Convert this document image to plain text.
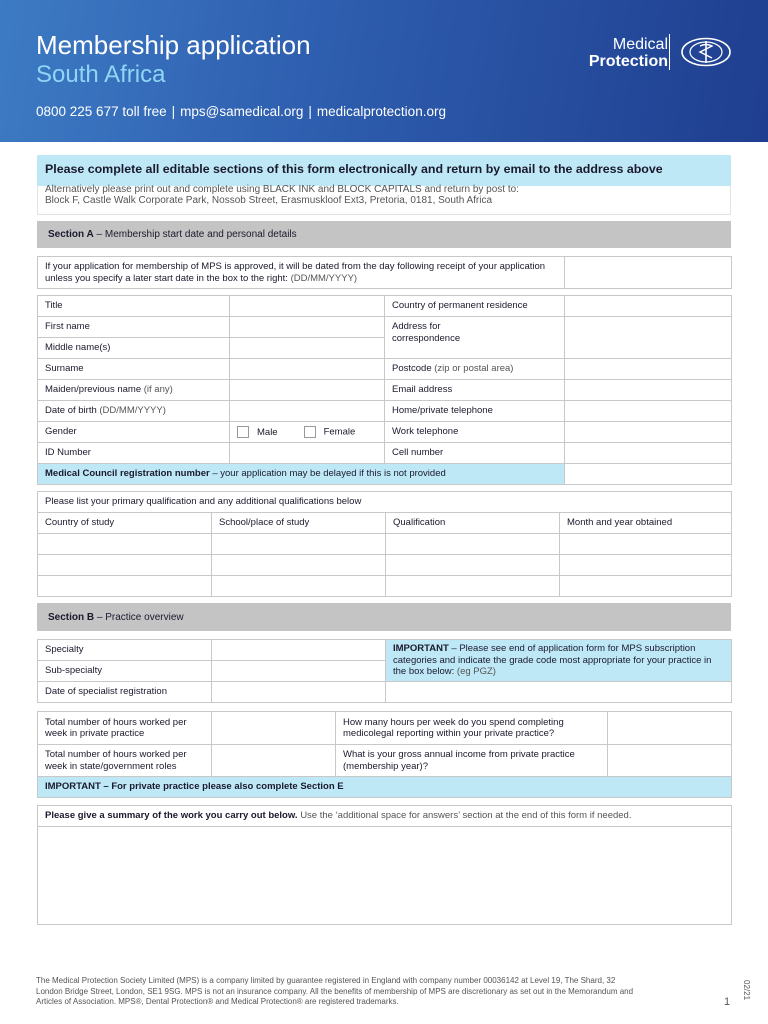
Membership application
South Africa
0800 225 677 toll free | mps@samedical.org | medicalprotection.org
Medical
Protection
Please complete all editable sections of this form electronically and return by email to the address above
Alternatively please print out and complete using BLACK INK and BLOCK CAPITALS and return by post to:
Block F, Castle Walk Corporate Park, Nossob Street, Erasmuskloof Ext3, Pretoria, 0181, South Africa
Section A – Membership start date and personal details
If your application for membership of MPS is approved, it will be dated from the day following receipt of your application unless you specify a later start date in the box to the right: (DD/MM/YYYY)	
Title		Country of permanent residence	
First name		Address for correspondence	

Middle name(s)			
Surname		Postcode (zip or postal area)	
Maiden/previous name (if any)		Email address	
Date of birth (DD/MM/YYYY)		Home/private telephone	
Gender	Male Female	Work telephone	
ID Number		Cell number	
Medical Council registration number – your application may be delayed if this is not provided			
Please list your primary qualification and any additional qualifications below			
Country of study	School/place of study	Qualification	Month and year obtained

Section B – Practice overview
Specialty		IMPORTANT – Please see end of application form for MPS subscription categories and indicate the grade code most appropriate for your practice in the box below: (eg PGZ)
Sub-specialty		
Date of specialist registration		
Total number of hours worked per week in private practice		How many hours per week do you spend completing medicolegal reporting within your private practice?	
Total number of hours worked per week in state/government roles		What is your gross annual income from private practice (membership year)?	
IMPORTANT – For private practice please also complete Section E			
Please give a summary of the work you carry out below. Use the ‘additional space for answers’ section at the end of this form if needed.

The Medical Protection Society Limited (MPS) is a company limited by guarantee registered in England with company number 00036142 at Level 19, The Shard, 32 London Bridge Street, London, SE1 9SG. MPS is not an insurance company. All the benefits of membership of MPS are discretionary as set out in the Memorandum and Articles of Association. MPS®, Dental Protection® and Medical Protection® are registered trademarks.	1
02/21
